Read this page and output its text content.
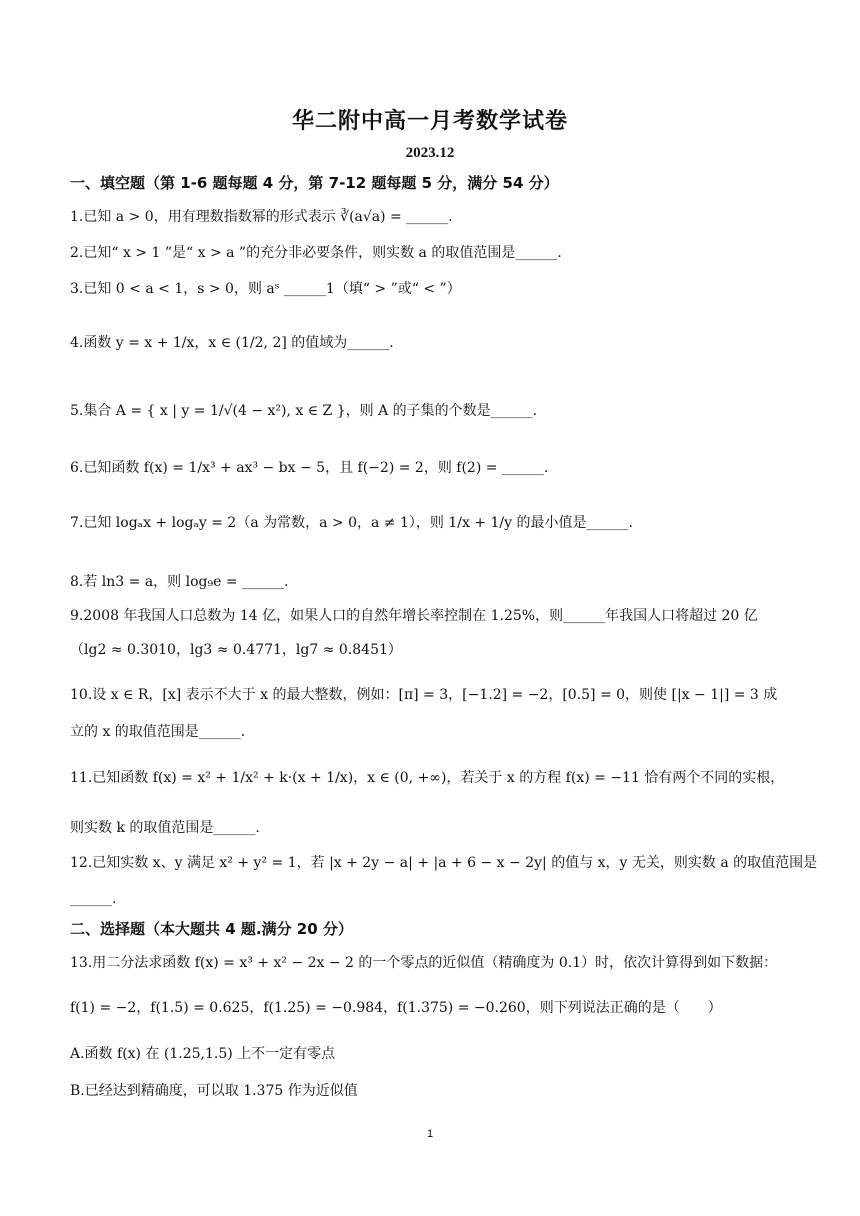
华二附中高一月考数学试卷
2023.12
一、填空题（第 1-6 题每题 4 分，第 7-12 题每题 5 分，满分 54 分）
1.已知 a > 0，用有理数指数幂的形式表示 ∛(a√a) = ______.
2.已知“ x > 1 ”是“ x > a ”的充分非必要条件，则实数 a 的取值范围是______.
3.已知 0 < a < 1，s > 0，则 aˢ ______1（填“ > ”或“ < ”）
4.函数 y = x + 1/x，x ∈ (1/2, 2] 的值域为______.
5.集合 A = { x | y = 1/√(4 − x²), x ∈ Z }，则 A 的子集的个数是______.
6.已知函数 f(x) = 1/x³ + ax³ − bx − 5，且 f(−2) = 2，则 f(2) = ______.
7.已知 logₐx + logₐy = 2（a 为常数，a > 0，a ≠ 1），则 1/x + 1/y 的最小值是______.
8.若 ln3 = a，则 log₉e = ______.
9.2008 年我国人口总数为 14 亿，如果人口的自然年增长率控制在 1.25%，则______年我国人口将超过 20 亿
（lg2 ≈ 0.3010，lg3 ≈ 0.4771，lg7 ≈ 0.8451）
10.设 x ∈ R，[x] 表示不大于 x 的最大整数，例如：[π] = 3，[−1.2] = −2，[0.5] = 0，则使 [|x − 1|] = 3 成
立的 x 的取值范围是______.
11.已知函数 f(x) = x² + 1/x² + k·(x + 1/x)，x ∈ (0, +∞)，若关于 x 的方程 f(x) = −11 恰有两个不同的实根，
则实数 k 的取值范围是______.
12.已知实数 x、y 满足 x² + y² = 1，若 |x + 2y − a| + |a + 6 − x − 2y| 的值与 x，y 无关，则实数 a 的取值范围是
______.
二、选择题（本大题共 4 题.满分 20 分）
13.用二分法求函数 f(x) = x³ + x² − 2x − 2 的一个零点的近似值（精确度为 0.1）时，依次计算得到如下数据：
f(1) = −2，f(1.5) = 0.625，f(1.25) = −0.984，f(1.375) = −0.260，则下列说法正确的是（　　）
A.函数 f(x) 在 (1.25,1.5) 上不一定有零点
B.已经达到精确度，可以取 1.375 作为近似值
1
